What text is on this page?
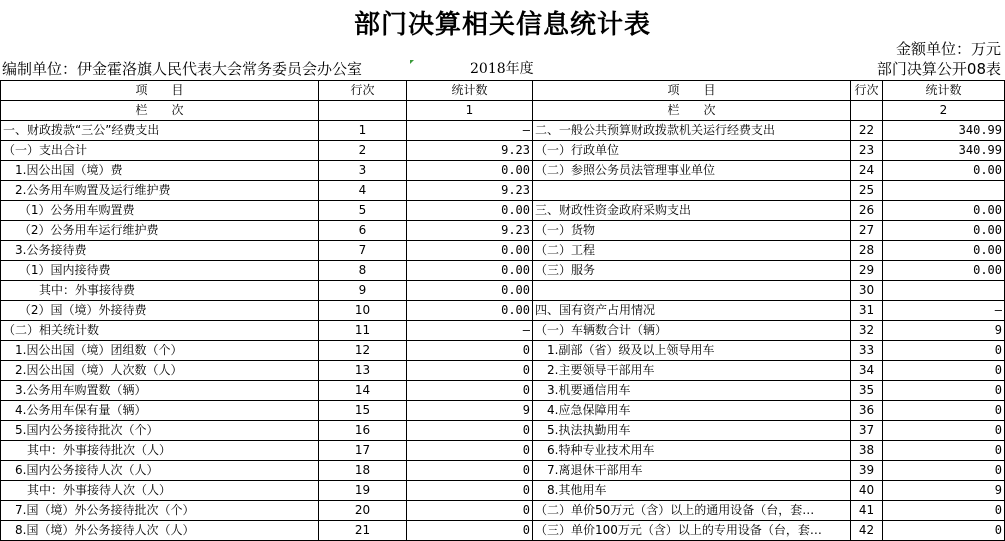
部门决算相关信息统计表
金额单位：万元
编制单位：伊金霍洛旗人民代表大会常务委员会办公室	2018年度	部门决算公开08表
项　　目	行次	统计数	项　　目	行次	统计数
栏　　次		1	栏　　次		2
一、财政拨款“三公”经费支出	1	—	二、一般公共预算财政拨款机关运行经费支出	22	340.99
（一）支出合计	2	9.23	（一）行政单位	23	340.99
　1.因公出国（境）费	3	0.00	（二）参照公务员法管理事业单位	24	0.00
　2.公务用车购置及运行维护费	4	9.23		25	
　 （1）公务用车购置费	5	0.00	三、财政性资金政府采购支出	26	0.00
　 （2）公务用车运行维护费	6	9.23	（一）货物	27	0.00
　3.公务接待费	7	0.00	（二）工程	28	0.00
　 （1）国内接待费	8	0.00	（三）服务	29	0.00
　　　其中：外事接待费	9	0.00		30	
　 （2）国（境）外接待费	10	0.00	四、国有资产占用情况	31	—
（二）相关统计数	11	—	（一）车辆数合计（辆）	32	9
　1.因公出国（境）团组数（个）	12	0	　1.副部（省）级及以上领导用车	33	0
　2.因公出国（境）人次数（人）	13	0	　2.主要领导干部用车	34	0
　3.公务用车购置数（辆）	14	0	　3.机要通信用车	35	0
　4.公务用车保有量（辆）	15	9	　4.应急保障用车	36	0
　5.国内公务接待批次（个）	16	0	　5.执法执勤用车	37	0
　　其中：外事接待批次（人）	17	0	　6.特种专业技术用车	38	0
　6.国内公务接待人次（人）	18	0	　7.离退休干部用车	39	0
　　其中：外事接待人次（人）	19	0	　8.其他用车	40	9
　7.国（境）外公务接待批次（个）	20	0	（二）单价50万元（含）以上的通用设备（台，套…	41	0
　8.国（境）外公务接待人次（人）	21	0	（三）单价100万元（含）以上的专用设备（台，套…	42	0
